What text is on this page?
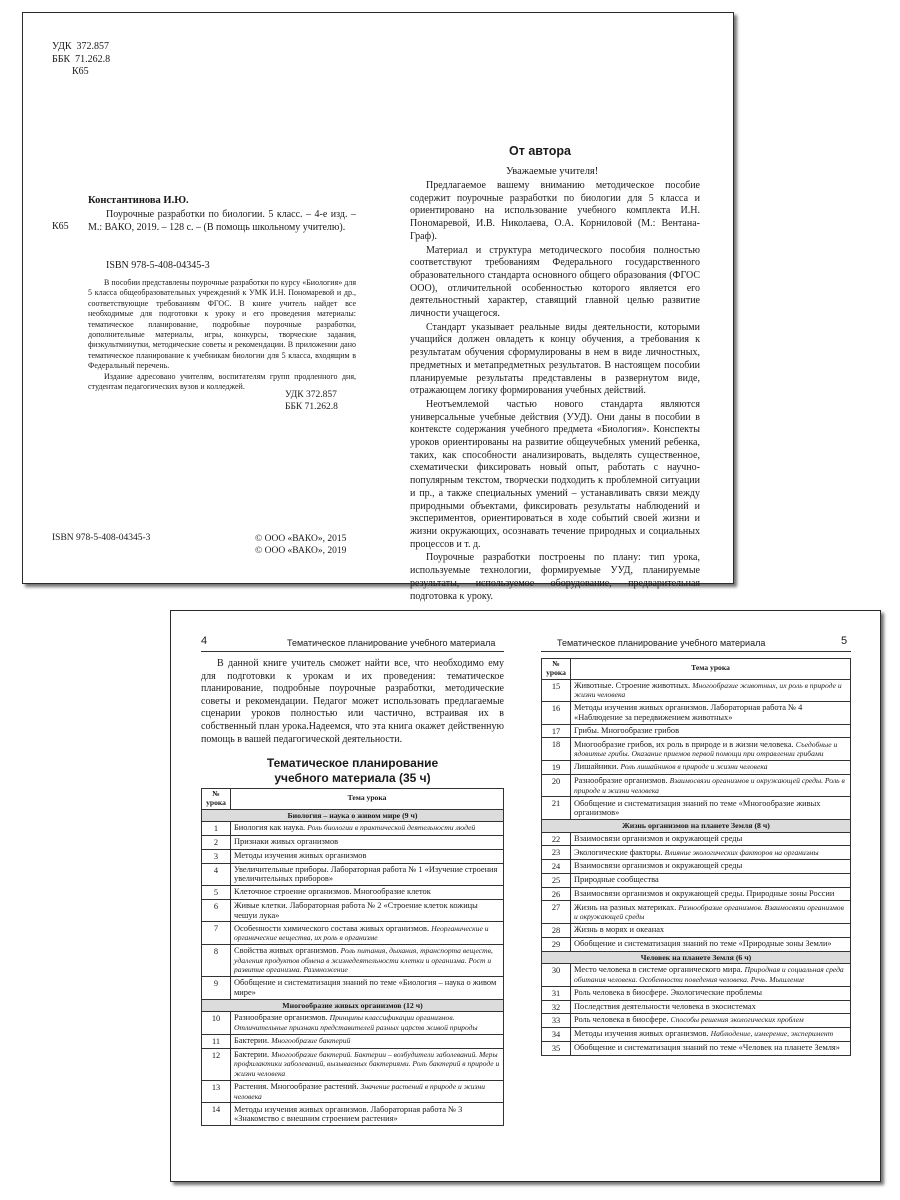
УДК  372.857
ББК  71.262.8
К65
Константинова И.Ю.
К65
Поурочные разработки по биологии. 5 класс. – 4-е изд. – М.: ВАКО, 2019. – 128 с. – (В помощь школьному учителю).
ISBN 978-5-408-04345-3

В пособии представлены поурочные разработки по курсу «Биология» для 5 класса общеобразовательных учреждений к УМК И.Н. Пономаревой и др., соответствующие требованиям ФГОС. В книге учитель найдет все необходимые для подготовки к уроку и его проведения материалы: тематическое планирование, подробные поурочные разработки, дополнительные материалы, игры, конкурсы, творческие задания, физкультминутки, методические советы и рекомендации. В приложении дано тематическое планирование к учебникам биологии для 5 класса, входящим в Федеральный перечень.

Издание адресовано учителям, воспитателям групп продленного дня, студентам педагогических вузов и колледжей.

УДК 372.857
ББК 71.262.8
ISBN 978-5-408-04345-3	© ООО «ВАКО», 2015
© ООО «ВАКО», 2019
От автора
Уважаемые учителя!

Предлагаемое вашему вниманию методическое пособие содержит поурочные разработки по биологии для 5 класса и ориентировано на использование учебного комплекта И.Н. Пономаревой, И.В. Николаева, О.А. Корниловой (М.: Вентана-Граф).

Материал и структура методического пособия полностью соответствуют требованиям Федерального государственного образовательного стандарта основного общего образования (ФГОС ООО), отличительной особенностью которого является его деятельностный характер, ставящий главной целью развитие личности учащегося.

Стандарт указывает реальные виды деятельности, которыми учащийся должен овладеть к концу обучения, а требования к результатам обучения сформулированы в нем в виде личностных, предметных и метапредметных результатов. В настоящем пособии планируемые результаты представлены в развернутом виде, отражающем логику формирования учебных действий.

Неотъемлемой частью нового стандарта являются универсальные учебные действия (УУД). Они даны в пособии в контексте содержания учебного предмета «Биология». Конспекты уроков ориентированы на развитие общеучебных умений ребенка, таких, как способности анализировать, выделять существенное, схематически фиксировать новый опыт, работать с научно-популярным текстом, творчески подходить к проблемной ситуации и пр., а также специальных умений – устанавливать связи между природными объектами, фиксировать результаты наблюдений и экспериментов, ориентироваться в ходе событий своей жизни и жизни окружающих, осознавать течение природных и социальных процессов и т. д.

Поурочные разработки построены по плану: тип урока, используемые технологии, формируемые УУД, планируемые результаты, используемое оборудование, предварительная подготовка к уроку.

4	Тематическое планирование учебного материала	Тематическое планирование учебного материала	5

В данной книге учитель сможет найти все, что необходимо ему для подготовки к урокам и их проведения: тематическое планирование, подробные поурочные разработки, методические советы и рекомендации. Педагог может использовать предлагаемые сценарии уроков полностью или частично, встраивая их в собственный план урока.Надеемся, что эта книга окажет действенную помощь в вашей педагогической деятельности.

Тематическое планирование
учебного материала (35 ч)
№ урока	Тема урока
Биология – наука о живом мире (9 ч)	
1	Биология как наука. Роль биологии в практической деятельности людей
2	Признаки живых организмов
3	Методы изучения живых организмов
4	Увеличительные приборы. Лабораторная работа № 1 «Изучение строения увеличительных приборов»
5	Клеточное строение организмов. Многообразие клеток
6	Живые клетки. Лабораторная работа № 2 «Строение клеток кожицы чешуи лука»
7	Особенности химического состава живых организмов. Неорганические и органические вещества, их роль в организме
8	Свойства живых организмов. Роль питания, дыхания, транспорта веществ, удаления продуктов обмена в жизнедеятельности клетки и организма. Рост и развитие организма. Размножение
9	Обобщение и систематизация знаний по теме «Биология – наука о живом мире»
Многообразие живых организмов (12 ч)	
10	Разнообразие организмов. Принципы классификации организмов. Отличительные признаки представителей разных царств живой природы
11	Бактерии. Многообразие бактерий
12	Бактерии. Многообразие бактерий. Бактерии – возбудители заболеваний. Меры профилактики заболеваний, вызываемых бактериями. Роль бактерий в природе и жизни человека
13	Растения. Многообразие растений. Значение растений в природе и жизни человека
14	Методы изучения живых организмов. Лабораторная работа № 3 «Знакомство с внешним строением растения»
№ урока	Тема урока
15	Животные. Строение животных. Многообразие животных, их роль в природе и жизни человека
16	Методы изучения живых организмов. Лабораторная работа № 4 «Наблюдение за передвижением животных»
17	Грибы. Многообразие грибов
18	Многообразие грибов, их роль в природе и в жизни человека. Съедобные и ядовитые грибы. Оказание приемов первой помощи при отравлении грибами
19	Лишайники. Роль лишайников в природе и жизни человека
20	Разнообразие организмов. Взаимосвязи организмов и окружающей среды. Роль в природе и жизни человека
21	Обобщение и систематизация знаний по теме «Многообразие живых организмов»
Жизнь организмов на планете Земля (8 ч)	
22	Взаимосвязи организмов и окружающей среды
23	Экологические факторы. Влияние экологических факторов на организмы
24	Взаимосвязи организмов и окружающей среды
25	Природные сообщества
26	Взаимосвязи организмов и окружающей среды. Природные зоны России
27	Жизнь на разных материках. Разнообразие организмов. Взаимосвязи организмов и окружающей среды
28	Жизнь в морях и океанах
29	Обобщение и систематизация знаний по теме «Природные зоны Земли»
Человек на планете Земля (6 ч)	
30	Место человека в системе органического мира. Природная и социальная среда обитания человека. Особенности поведения человека. Речь. Мышление
31	Роль человека в биосфере. Экологические проблемы
32	Последствия деятельности человека в экосистемах
33	Роль человека в биосфере. Способы решения экологических проблем
34	Методы изучения живых организмов. Наблюдение, измерение, эксперимент
35	Обобщение и систематизация знаний по теме «Человек на планете Земля»
